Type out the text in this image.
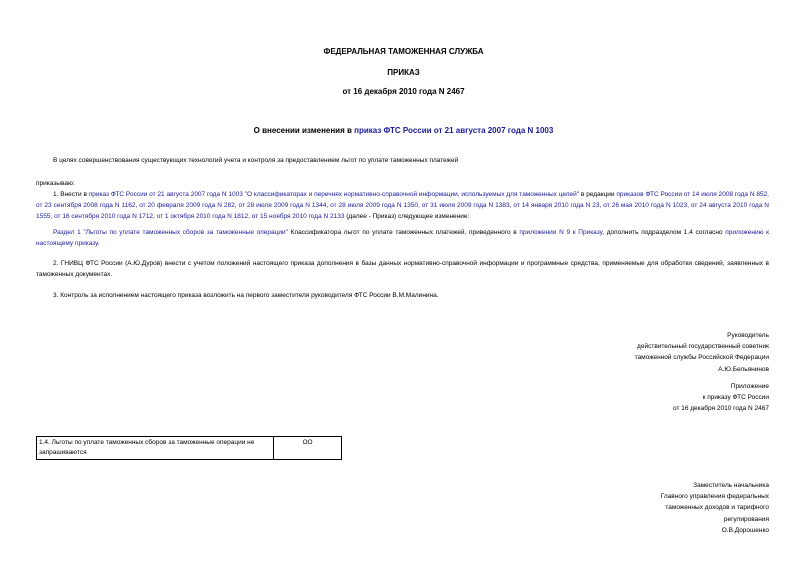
ФЕДЕРАЛЬНАЯ ТАМОЖЕННАЯ СЛУЖБА
ПРИКАЗ
от 16 декабря 2010 года N 2467
О внесении изменения в приказ ФТС России от 21 августа 2007 года N 1003
В целях совершенствования существующих технологий учета и контроля за предоставлением льгот по уплате таможенных платежей
приказываю:
1. Внести в приказ ФТС России от 21 августа 2007 года N 1003 "О классификаторах и перечнях нормативно-справочной информации, используемых для таможенных целей" в редакции приказов ФТС России от 14 июля 2008 года N 852, от 23 сентября 2008 года N 1162, от 20 февраля 2009 года N 282, от 28 июля 2009 года N 1344, от 28 июля 2009 года N 1350, от 31 июля 2009 года N 1383, от 14 января 2010 года N 23, от 26 мая 2010 года N 1023, от 24 августа 2010 года N 1555, от 16 сентября 2010 года N 1712, от 1 октября 2010 года N 1812, от 15 ноября 2010 года N 2133 (далее - Приказ) следующее изменение:
Раздел 1 "Льготы по уплате таможенных сборов за таможенные операции" Классификатора льгот по уплате таможенных платежей, приведенного в приложении N 9 к Приказу, дополнить подразделом 1.4 согласно приложению к настоящему приказу.
2. ГНИВЦ ФТС России (А.Ю.Дуров) внести с учетом положений настоящего приказа дополнения в базы данных нормативно-справочной информации и программные средства, применяемые для обработки сведений, заявленных в таможенных документах.
3. Контроль за исполнением настоящего приказа возложить на первого заместителя руководителя ФТС России В.М.Малинина.
Руководитель
действительный государственный советник
таможенной службы Российской Федерации
А.Ю.Бельянинов
Приложение
к приказу ФТС России
от 16 декабря 2010 года N 2467
1.4. Льготы по уплате таможенных сборов за таможенные операции не запрашиваются	ОО
Заместитель начальника
Главного управления федеральных
таможенных доходов и тарифного
регулирования
О.В.Дорошенко
